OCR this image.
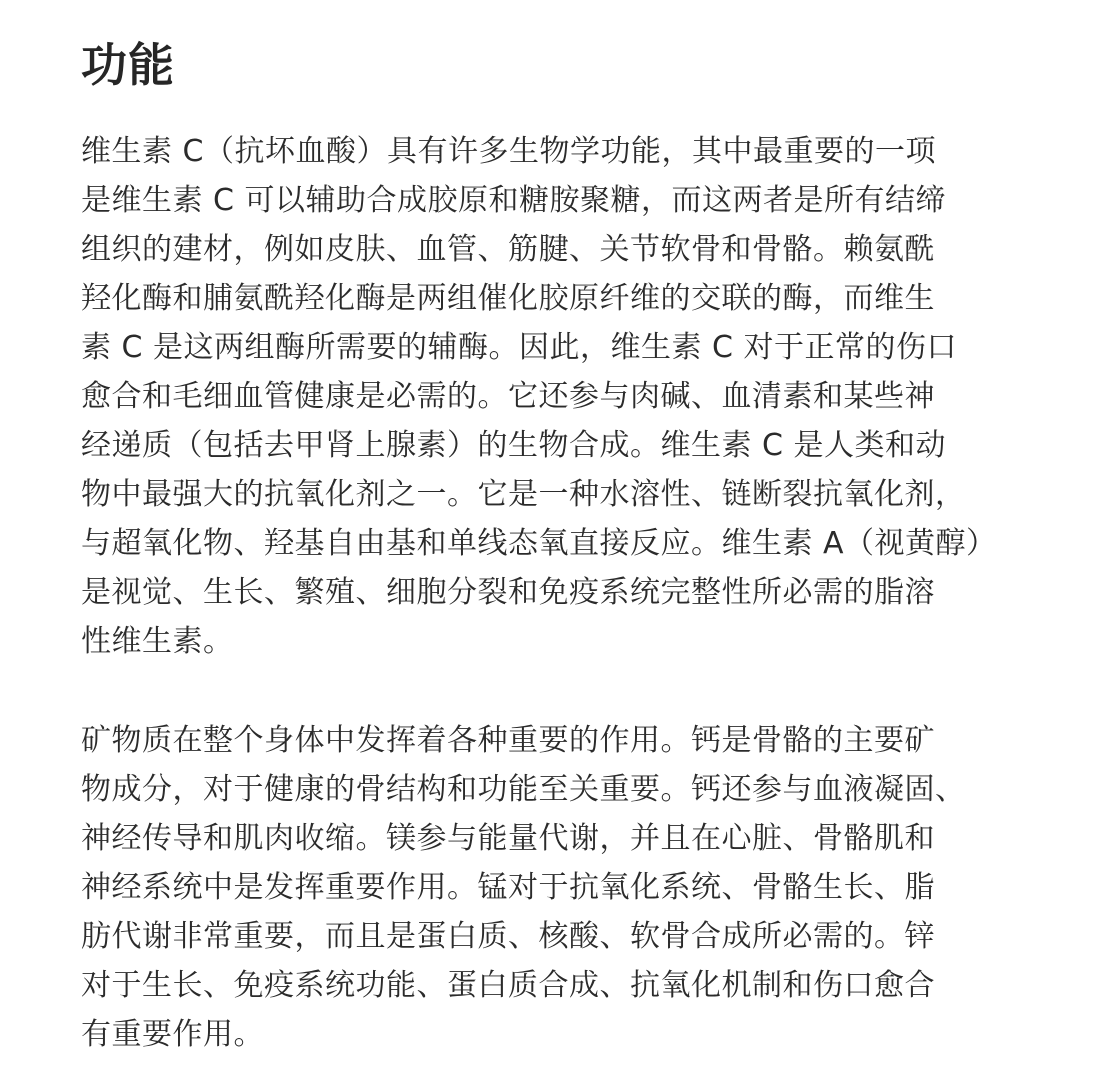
功能

维生素 C（抗坏血酸）具有许多生物学功能，其中最重要的一项
是维生素 C 可以辅助合成胶原和糖胺聚糖，而这两者是所有结缔
组织的建材，例如皮肤、血管、筋腱、关节软骨和骨骼。赖氨酰
羟化酶和脯氨酰羟化酶是两组催化胶原纤维的交联的酶，而维生
素 C 是这两组酶所需要的辅酶。因此，维生素 C 对于正常的伤口
愈合和毛细血管健康是必需的。它还参与肉碱、血清素和某些神
经递质（包括去甲肾上腺素）的生物合成。维生素 C 是人类和动
物中最强大的抗氧化剂之一。它是一种水溶性、链断裂抗氧化剂，
与超氧化物、羟基自由基和单线态氧直接反应。维生素 A（视黄醇）
是视觉、生长、繁殖、细胞分裂和免疫系统完整性所必需的脂溶
性维生素。

矿物质在整个身体中发挥着各种重要的作用。钙是骨骼的主要矿
物成分，对于健康的骨结构和功能至关重要。钙还参与血液凝固、
神经传导和肌肉收缩。镁参与能量代谢，并且在心脏、骨骼肌和
神经系统中是发挥重要作用。锰对于抗氧化系统、骨骼生长、脂
肪代谢非常重要，而且是蛋白质、核酸、软骨合成所必需的。锌
对于生长、免疫系统功能、蛋白质合成、抗氧化机制和伤口愈合
有重要作用。
